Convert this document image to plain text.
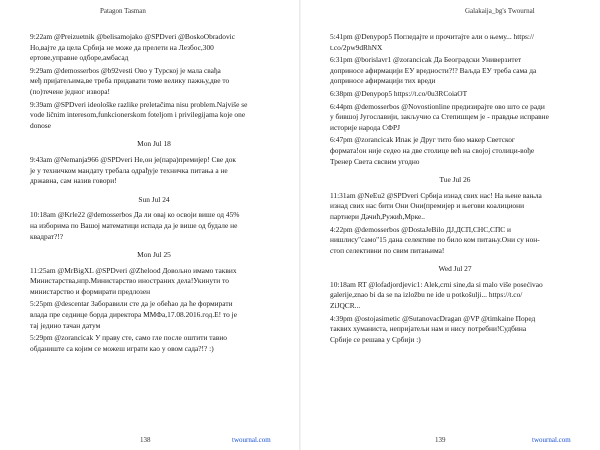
Patagon Tasman
9:22am @Preizuetnik @belisamojako @SPDveri @BoskoObradovic
Ho,ваjте да цела Србија не може да прелети на Лезбос,300
ертове,управне одборе,амбасад
9:29am @demosserbos @b92vesti Ово у Турској је мала свађа
међ пријатељима,ве треба придавати томе велику пажњу,две то
(по)течене једног извора!
9:39am @SPDveri ideološke razlike preletačima nisu problem.Najviše se
vode ličnim interesom,funkcionerskom foteljom i privilegijama koje one
donose
Mon Jul 18
9:43am @Nemanja966 @SPDveri Hе,он је(пара)премијер! Све док
је у техничком мандату требала одрађује техничка питања а не
државна, сам назив говори!
Sun Jul 24
10:18am @Krle22 @demosserbos Да ли овај ко освоји више од 45%
на изборима по Вашој математици испада да је више од будале не
квадрат?!?
Mon Jul 25
11:25am @MrBigXL @SPDveri @Zhelood Довољно имамо таквих
Министарства,нпр.Министарство иностраних дела!Укинути то
министарство и формирати предлозен
5:25pm @descentar Заборавили сте да је обећао да ће формирати
влада пре седнице борда директора ММФа,17.08.2016.год.Е! то је
тај једино тачан датум
5:29pm @zorancicak У праву сте, само гле после оштити тавио
обданиште са којим се можеш играти као у овом сада?!? :)
138	twournal.com
Galakaija_bg's Twournal
5:41pm @Denypop5 Погледајте и прочитајте али о њему... https://
t.co/2pw9dRhNX
6:31pm @borislavr1 @zorancicak Да Београдски Универзитет
доприносе афирмацији ЕУ вредности?!? Ваљда ЕУ треба сама да
доприносе афирмацији тих вреди
6:38pm @Denypop5 https://t.co/0u3RCoiaOT
6:44pm @demosserbos @Novostionline предизирајте ово што се ради
у бившој Југославији, закључио са Степишцем је - правдње исправне
историје народа СФРЈ
6:47pm @zorancicak Ипак је Друг тито био макер Светског
формата!он није седео на две столице већ на својој столици-вођe
Тренер Света свсвим угодно
Tue Jul 26
11:31am @NeEu2 @SPDveri Србија изнад свих нас! На њене вањла
изнад свих нас бити Они Они(премијер и његови коалициони
партнери Дачић,Ружић,Мрке..
4:22pm @demosserbos @DostaJeBilo ДЈ,ДСП,СНС,СПС и
нишлису"само"15 дана селективе по било ком питању.Они су нон-
стоп селективни по свим питањима!
Wed Jul 27
10:18am RT @lofadjordjevic1: Alek,crni sine,da si malo više posećivao
galerije,znao bi da se na izložbu ne ide u potkošulji... https://t.co/
ZiJQCR...
4:39pm @ostojasimetic @SutanovacDragan @VP @timkaine Поред
таквих хуманиста, непријатељи нам и нису потребни!Судбина
Србије се решава у Србији :)
139	twournal.com
